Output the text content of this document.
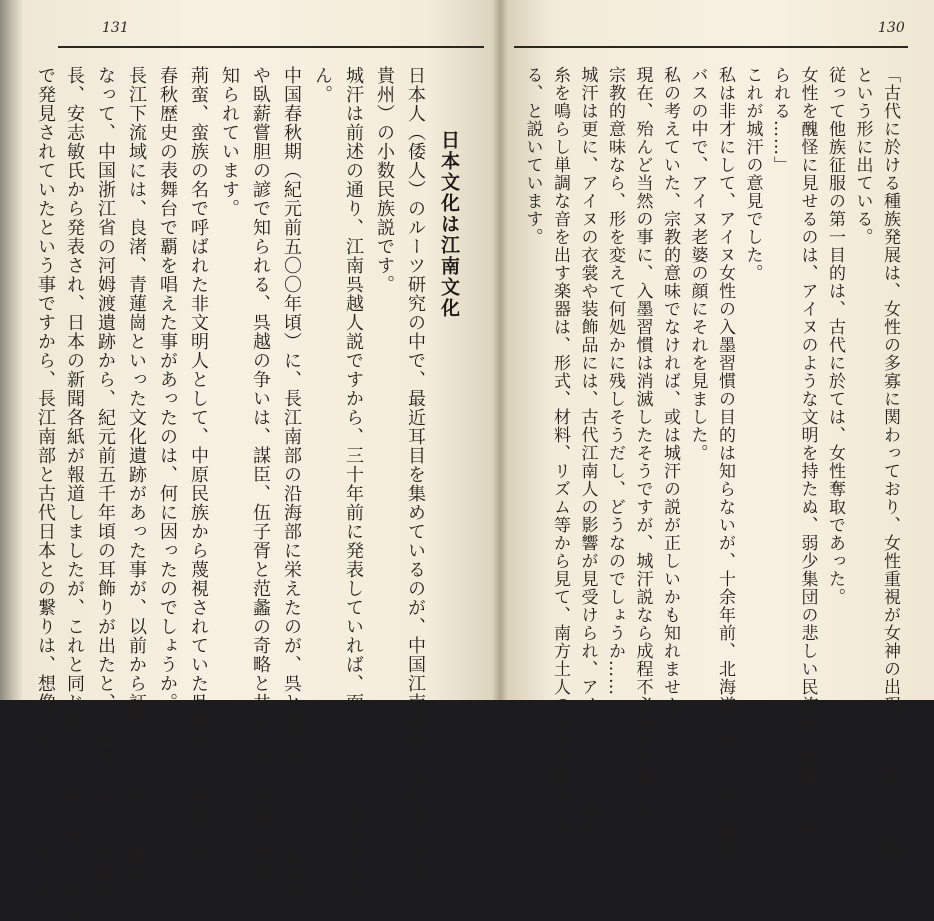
131	130
日本文化は江南文化
日本人（倭人）のルーツ研究の中で、最近耳目を集めているのが、中国江南説や、南西部（雲南、
貴州）の小数民族説です。
城汗は前述の通り、江南呉越人説ですから、三十年前に発表していれば、面白かったかも知れませ
ん。
中国春秋期（紀元前五〇〇年頃）に、長江南部の沿海部に栄えたのが、呉と越の国です。呉越同舟
や臥薪嘗胆の諺で知られる、呉越の争いは、謀臣、伍子胥と范蠡の奇略と共に、世上名高い物語りで
知られています。
荊蛮、蛮族の名で呼ばれた非文明人として、中原民族から蔑視されていた呉越が、一時的にせよ、
春秋歴史の表舞台で覇を唱えた事があったのは、何に因ったのでしょうか。
長江下流域には、良渚、青蓮崗といった文化遺跡があった事が、以前から証明されており、最近に
なって、中国浙江省の河姆渡遺跡から、紀元前五千年頃の耳飾りが出たと、中国考古学研究所副所
長、安志敏氏から発表され、日本の新聞各紙が報道しましたが、これと同じ物が、以前に東北や関東
で発見されていたという事ですから、長江南部と古代日本との繋りは、想像以上に古いと思われま	「古代に於ける種族発展は、女性の多寡に関わっており、女性重視が女神の出現や、女権力者の統治
という形に出ている。
従って他族征服の第一目的は、古代に於ては、女性奪取であった。
女性を醜怪に見せるのは、アイヌのような文明を持たぬ、弱少集団の悲しい民族保存措置だと考え
られる……」
これが城汗の意見でした。
私は非才にして、アイヌ女性の入墨習慣の目的は知らないが、十余年前、北海道を旅した時、偶然
バスの中で、アイヌ老婆の顔にそれを見ました。
私の考えていた、宗教的意味でなければ、或は城汗の説が正しいかも知れません。
現在、殆んど当然の事に、入墨習慣は消滅したそうですが、城汗説なら成程不必要な習慣であり、
宗教的意味なら、形を変えて何処かに残しそうだし、どうなのでしょうか……
城汗は更に、アイヌの衣裳や装飾品には、古代江南人の影響が見受けられ、アイヌの、口に咥えて
糸を鳴らし単調な音を出す楽器は、形式、材料、リズム等から見て、南方土人の楽器と酷似してい
る、と説いています。
